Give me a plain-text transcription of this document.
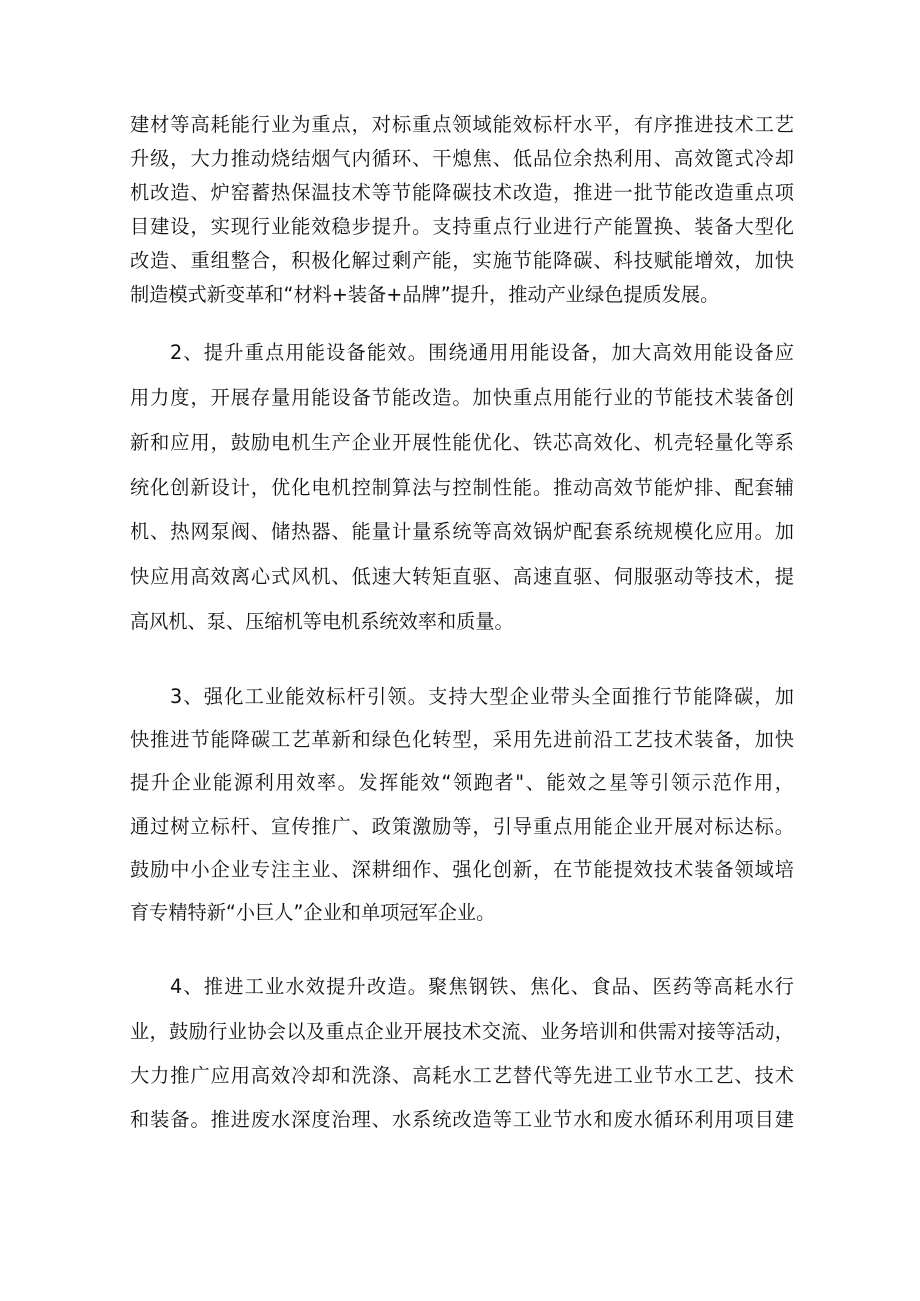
建材等高耗能行业为重点，对标重点领域能效标杆水平，有序推进技术工艺
升级，大力推动烧结烟气内循环、干熄焦、低品位余热利用、高效篦式冷却
机改造、炉窑蓄热保温技术等节能降碳技术改造，推进一批节能改造重点项
目建设，实现行业能效稳步提升。支持重点行业进行产能置换、装备大型化
改造、重组整合，积极化解过剩产能，实施节能降碳、科技赋能增效，加快
制造模式新变革和“材料+装备+品牌”提升，推动产业绿色提质发展。
2、提升重点用能设备能效。围绕通用用能设备，加大高效用能设备应
用力度，开展存量用能设备节能改造。加快重点用能行业的节能技术装备创
新和应用，鼓励电机生产企业开展性能优化、铁芯高效化、机壳轻量化等系
统化创新设计，优化电机控制算法与控制性能。推动高效节能炉排、配套辅
机、热网泵阀、储热器、能量计量系统等高效锅炉配套系统规模化应用。加
快应用高效离心式风机、低速大转矩直驱、高速直驱、伺服驱动等技术，提
高风机、泵、压缩机等电机系统效率和质量。
3、强化工业能效标杆引领。支持大型企业带头全面推行节能降碳，加
快推进节能降碳工艺革新和绿色化转型，采用先进前沿工艺技术装备，加快
提升企业能源利用效率。发挥能效“领跑者"、能效之星等引领示范作用，
通过树立标杆、宣传推广、政策激励等，引导重点用能企业开展对标达标。
鼓励中小企业专注主业、深耕细作、强化创新，在节能提效技术装备领域培
育专精特新“小巨人”企业和单项冠军企业。
4、推进工业水效提升改造。聚焦钢铁、焦化、食品、医药等高耗水行
业，鼓励行业协会以及重点企业开展技术交流、业务培训和供需对接等活动，
大力推广应用高效冷却和洗涤、高耗水工艺替代等先进工业节水工艺、技术
和装备。推进废水深度治理、水系统改造等工业节水和废水循环利用项目建
